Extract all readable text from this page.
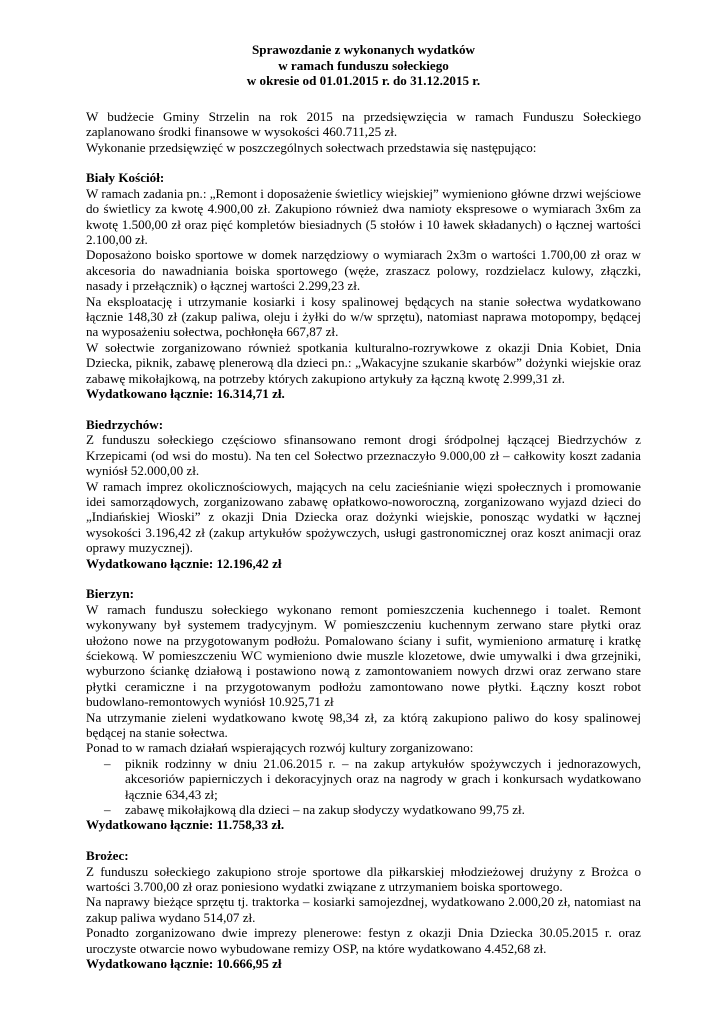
Sprawozdanie z wykonanych wydatków
w ramach funduszu sołeckiego
w okresie od 01.01.2015 r. do 31.12.2015 r.

W budżecie Gminy Strzelin na rok 2015 na przedsięwzięcia w ramach Funduszu Sołeckiego zaplanowano środki finansowe w wysokości 460.711,25 zł.

Wykonanie przedsięwzięć w poszczególnych sołectwach przedstawia się następująco:

Biały Kościół:

W ramach zadania pn.: „Remont i doposażenie świetlicy wiejskiej” wymieniono główne drzwi wejściowe do świetlicy za kwotę 4.900,00 zł. Zakupiono również dwa namioty ekspresowe o wymiarach 3x6m za kwotę 1.500,00 zł oraz pięć kompletów biesiadnych (5 stołów i 10 ławek składanych) o łącznej wartości 2.100,00 zł.

Doposażono boisko sportowe w domek narzędziowy o wymiarach 2x3m o wartości 1.700,00 zł oraz w akcesoria do nawadniania boiska sportowego (węże, zraszacz polowy, rozdzielacz kulowy, złączki, nasady i przełącznik) o łącznej wartości 2.299,23 zł.

Na eksploatację i utrzymanie kosiarki i kosy spalinowej będących na stanie sołectwa wydatkowano łącznie 148,30 zł (zakup paliwa, oleju i żyłki do w/w sprzętu), natomiast naprawa motopompy, będącej na wyposażeniu sołectwa, pochłonęła 667,87 zł.

W sołectwie zorganizowano również spotkania kulturalno-rozrywkowe z okazji Dnia Kobiet, Dnia Dziecka, piknik, zabawę plenerową dla dzieci pn.: „Wakacyjne szukanie skarbów” dożynki wiejskie oraz zabawę mikołajkową, na potrzeby których zakupiono artykuły za łączną kwotę 2.999,31 zł.

Wydatkowano łącznie: 16.314,71 zł.

Biedrzychów:

Z funduszu sołeckiego częściowo sfinansowano remont drogi śródpolnej łączącej Biedrzychów z Krzepicami (od wsi do mostu). Na ten cel Sołectwo przeznaczyło 9.000,00 zł – całkowity koszt zadania wyniósł 52.000,00 zł.

W ramach imprez okolicznościowych, mających na celu zacieśnianie więzi społecznych i promowanie idei samorządowych, zorganizowano zabawę opłatkowo-noworoczną, zorganizowano wyjazd dzieci do „Indiańskiej Wioski” z okazji Dnia Dziecka oraz dożynki wiejskie, ponosząc wydatki w łącznej wysokości 3.196,42 zł (zakup artykułów spożywczych, usługi gastronomicznej oraz koszt animacji oraz oprawy muzycznej).

Wydatkowano łącznie: 12.196,42 zł

Bierzyn:

W ramach funduszu sołeckiego wykonano remont pomieszczenia kuchennego i toalet. Remont wykonywany był systemem tradycyjnym. W pomieszczeniu kuchennym zerwano stare płytki oraz ułożono nowe na przygotowanym podłożu. Pomalowano ściany i sufit, wymieniono armaturę i kratkę ściekową. W pomieszczeniu WC wymieniono dwie muszle klozetowe, dwie umywalki i dwa grzejniki, wyburzono ściankę działową i postawiono nową z zamontowaniem nowych drzwi oraz zerwano stare płytki ceramiczne i na przygotowanym podłożu zamontowano nowe płytki. Łączny koszt robot budowlano-remontowych wyniósł 10.925,71 zł

Na utrzymanie zieleni wydatkowano kwotę 98,34 zł, za którą zakupiono paliwo do kosy spalinowej będącej na stanie sołectwa.

Ponad to w ramach działań wspierających rozwój kultury zorganizowano:

– piknik rodzinny w dniu 21.06.2015 r. – na zakup artykułów spożywczych i jednorazowych, akcesoriów papierniczych i dekoracyjnych oraz na nagrody w grach i konkursach wydatkowano łącznie 634,43 zł;
– zabawę mikołajkową dla dzieci – na zakup słodyczy wydatkowano 99,75 zł.

Wydatkowano łącznie: 11.758,33 zł.

Brożec:

Z funduszu sołeckiego zakupiono stroje sportowe dla piłkarskiej młodzieżowej drużyny z Brożca o wartości 3.700,00 zł oraz poniesiono wydatki związane z utrzymaniem boiska sportowego.

Na naprawy bieżące sprzętu tj. traktorka – kosiarki samojezdnej, wydatkowano 2.000,20 zł, natomiast na zakup paliwa wydano 514,07 zł.

Ponadto zorganizowano dwie imprezy plenerowe: festyn z okazji Dnia Dziecka 30.05.2015 r. oraz uroczyste otwarcie nowo wybudowane remizy OSP, na które wydatkowano 4.452,68 zł.

Wydatkowano łącznie: 10.666,95 zł
